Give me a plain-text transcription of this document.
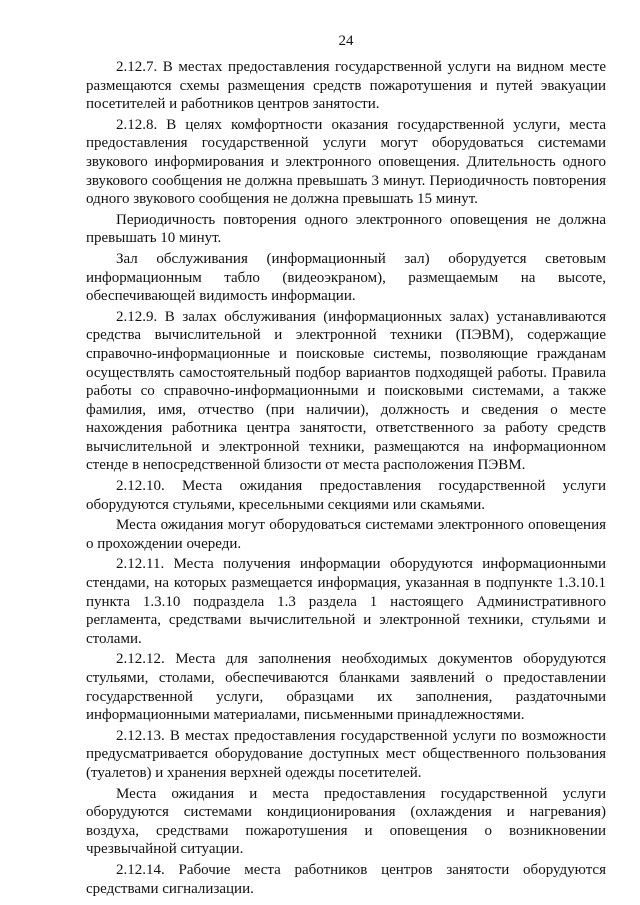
24

2.12.7. В местах предоставления государственной услуги на видном месте размещаются схемы размещения средств пожаротушения и путей эвакуации посетителей и работников центров занятости.

2.12.8. В целях комфортности оказания государственной услуги, места предоставления государственной услуги могут оборудоваться системами звукового информирования и электронного оповещения. Длительность одного звукового сообщения не должна превышать 3 минут. Периодичность повторения одного звукового сообщения не должна превышать 15 минут.

Периодичность повторения одного электронного оповещения не должна превышать 10 минут.

Зал обслуживания (информационный зал) оборудуется световым информационным табло (видеоэкраном), размещаемым на высоте, обеспечивающей видимость информации.

2.12.9. В залах обслуживания (информационных залах) устанавливаются средства вычислительной и электронной техники (ПЭВМ), содержащие справочно-информационные и поисковые системы, позволяющие гражданам осуществлять самостоятельный подбор вариантов подходящей работы. Правила работы со справочно-информационными и поисковыми системами, а также фамилия, имя, отчество (при наличии), должность и сведения о месте нахождения работника центра занятости, ответственного за работу средств вычислительной и электронной техники, размещаются на информационном стенде в непосредственной близости от места расположения ПЭВМ.

2.12.10. Места ожидания предоставления государственной услуги оборудуются стульями, кресельными секциями или скамьями.

Места ожидания могут оборудоваться системами электронного оповещения о прохождении очереди.

2.12.11. Места получения информации оборудуются информационными стендами, на которых размещается информация, указанная в подпункте 1.3.10.1 пункта 1.3.10 подраздела 1.3 раздела 1 настоящего Административного регламента, средствами вычислительной и электронной техники, стульями и столами.

2.12.12. Места для заполнения необходимых документов оборудуются стульями, столами, обеспечиваются бланками заявлений о предоставлении государственной услуги, образцами их заполнения, раздаточными информационными материалами, письменными принадлежностями.

2.12.13. В местах предоставления государственной услуги по возможности предусматривается оборудование доступных мест общественного пользования (туалетов) и хранения верхней одежды посетителей.

Места ожидания и места предоставления государственной услуги оборудуются системами кондиционирования (охлаждения и нагревания) воздуха, средствами пожаротушения и оповещения о возникновении чрезвычайной ситуации.

2.12.14. Рабочие места работников центров занятости оборудуются средствами сигнализации.
